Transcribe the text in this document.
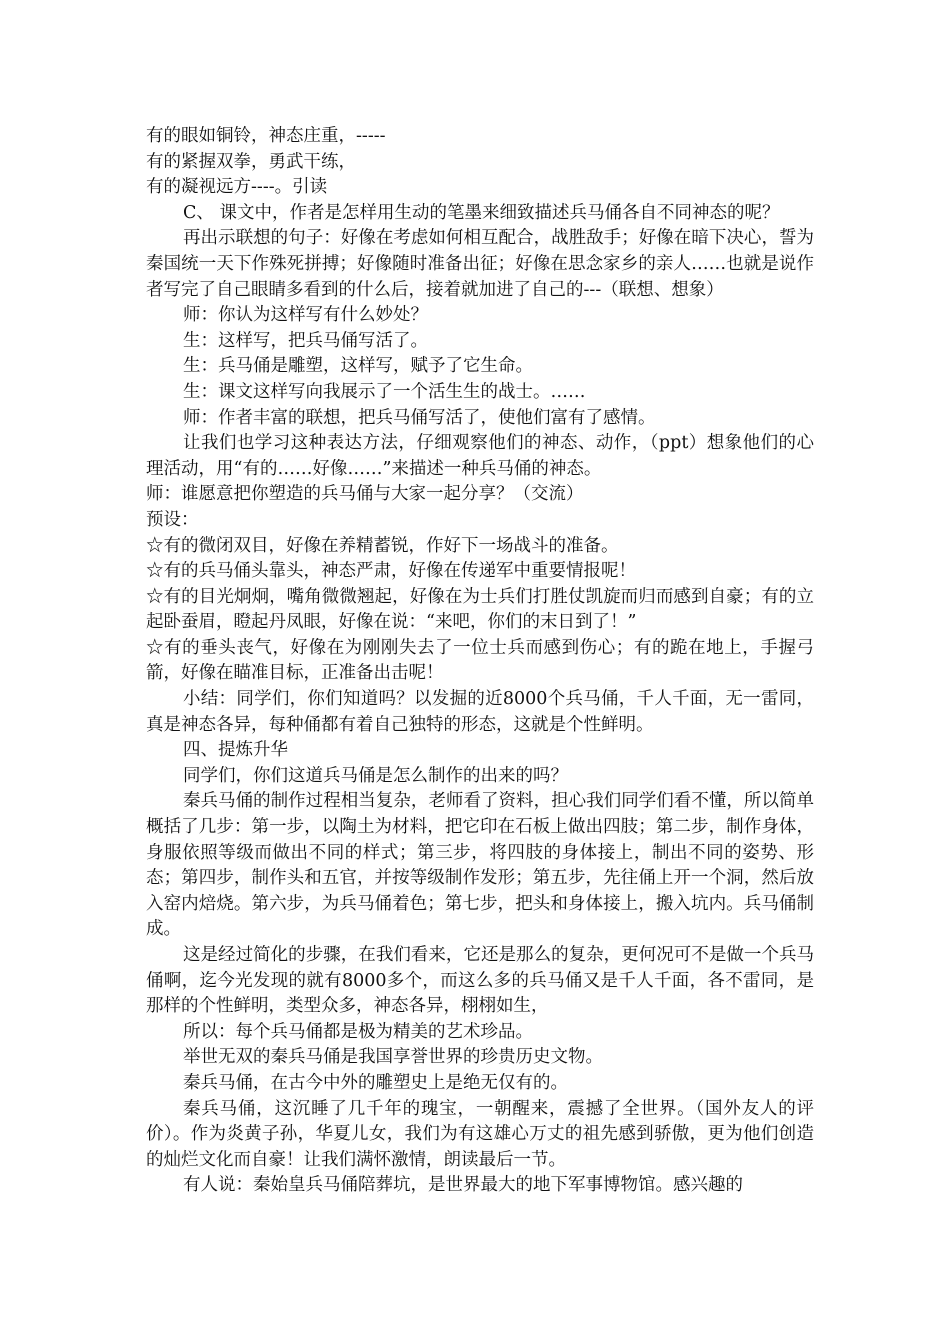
有的眼如铜铃，神态庄重，-----

有的紧握双拳，勇武干练，

有的凝视远方----。引读

C、 课文中，作者是怎样用生动的笔墨来细致描述兵马俑各自不同神态的呢？

再出示联想的句子：好像在考虑如何相互配合，战胜敌手；好像在暗下决心，誓为秦国统一天下作殊死拼搏；好像随时准备出征；好像在思念家乡的亲人……也就是说作者写完了自己眼睛多看到的什么后，接着就加进了自己的---（联想、想象）

师：你认为这样写有什么妙处？

生：这样写，把兵马俑写活了。

生：兵马俑是雕塑，这样写，赋予了它生命。

生：课文这样写向我展示了一个活生生的战士。……

师：作者丰富的联想，把兵马俑写活了，使他们富有了感情。

让我们也学习这种表达方法，仔细观察他们的神态、动作，（ppt）想象他们的心理活动，用“有的……好像……”来描述一种兵马俑的神态。

师：谁愿意把你塑造的兵马俑与大家一起分享？（交流）

预设：

☆有的微闭双目，好像在养精蓄锐，作好下一场战斗的准备。

☆有的兵马俑头靠头，神态严肃，好像在传递军中重要情报呢！

☆有的目光炯炯，嘴角微微翘起，好像在为士兵们打胜仗凯旋而归而感到自豪；有的立起卧蚕眉，瞪起丹凤眼，好像在说：“来吧，你们的末日到了！”

☆有的垂头丧气，好像在为刚刚失去了一位士兵而感到伤心；有的跪在地上，手握弓箭，好像在瞄准目标，正准备出击呢！

小结：同学们，你们知道吗？以发掘的近8000个兵马俑，千人千面，无一雷同，真是神态各异，每种俑都有着自己独特的形态，这就是个性鲜明。

四、提炼升华

同学们，你们这道兵马俑是怎么制作的出来的吗？

秦兵马俑的制作过程相当复杂，老师看了资料，担心我们同学们看不懂，所以简单概括了几步：第一步，以陶土为材料，把它印在石板上做出四肢；第二步，制作身体，身服依照等级而做出不同的样式；第三步，将四肢的身体接上，制出不同的姿势、形态；第四步，制作头和五官，并按等级制作发形；第五步，先往俑上开一个洞，然后放入窑内焙烧。第六步，为兵马俑着色；第七步，把头和身体接上，搬入坑内。兵马俑制成。

这是经过简化的步骤，在我们看来，它还是那么的复杂，更何况可不是做一个兵马俑啊，迄今光发现的就有8000多个，而这么多的兵马俑又是千人千面，各不雷同，是那样的个性鲜明，类型众多，神态各异，栩栩如生，

所以：每个兵马俑都是极为精美的艺术珍品。

举世无双的秦兵马俑是我国享誉世界的珍贵历史文物。

秦兵马俑，在古今中外的雕塑史上是绝无仅有的。

秦兵马俑，这沉睡了几千年的瑰宝，一朝醒来，震撼了全世界。（国外友人的评价）。作为炎黄子孙，华夏儿女，我们为有这雄心万丈的祖先感到骄傲，更为他们创造的灿烂文化而自豪！让我们满怀激情，朗读最后一节。

有人说：秦始皇兵马俑陪葬坑，是世界最大的地下军事博物馆。感兴趣的
